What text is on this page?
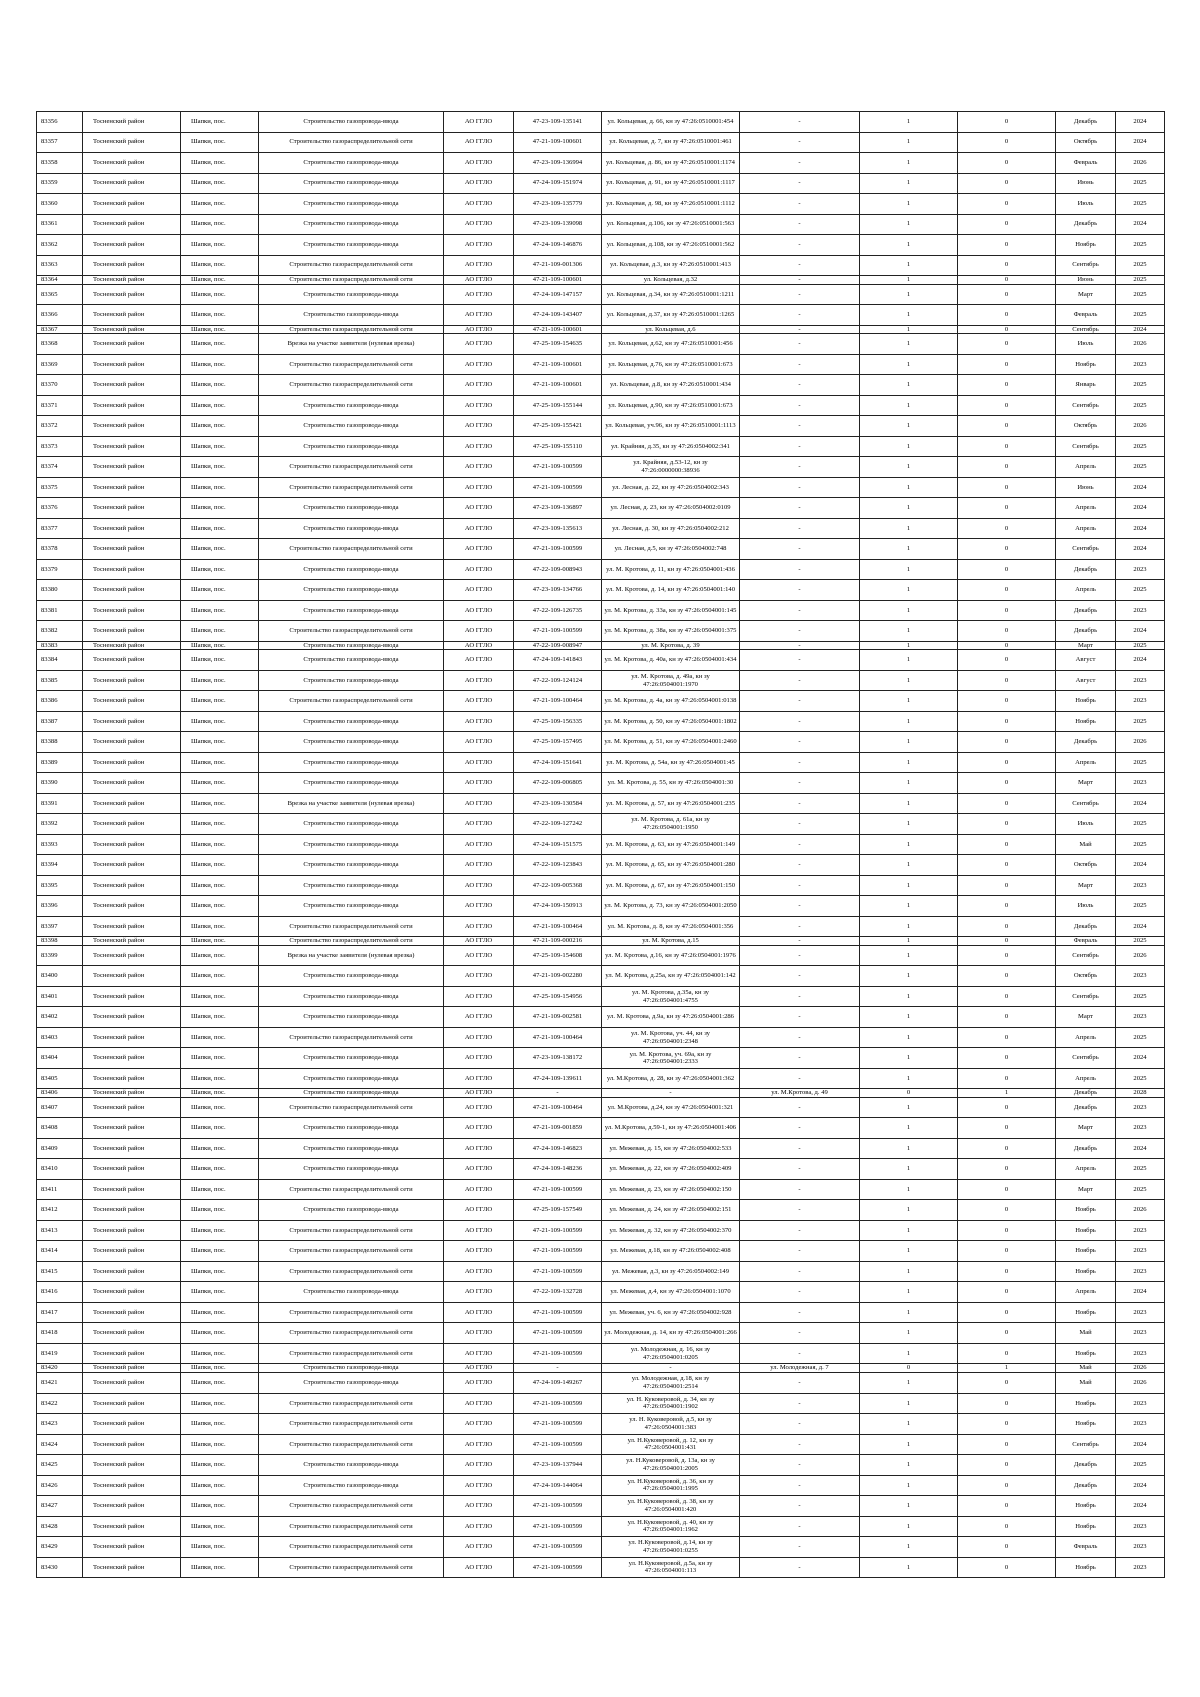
83356	Тосненский район	Шапки, пос.	Строительство газопровода-ввода	АО ГГЛО	47-23-109-135141	ул. Кольцевая, д. 66, кн зу 47:26:0510001:454	-	1	0	Декабрь	2024
83357	Тосненский район	Шапки, пос.	Строительство газораспределительной сети	АО ГГЛО	47-21-109-100601	ул. Кольцевая, д. 7, кн зу 47:26:0510001:461	-	1	0	Октябрь	2024
83358	Тосненский район	Шапки, пос.	Строительство газопровода-ввода	АО ГГЛО	47-23-109-136994	ул. Кольцевая, д. 86, кн зу 47:26:0510001:1174	-	1	0	Февраль	2026
83359	Тосненский район	Шапки, пос.	Строительство газопровода-ввода	АО ГГЛО	47-24-109-151974	ул. Кольцевая, д. 91, кн зу 47:26:0510001:1117	-	1	0	Июнь	2025
83360	Тосненский район	Шапки, пос.	Строительство газопровода-ввода	АО ГГЛО	47-23-109-135779	ул. Кольцевая, д. 98, кн зу 47:26:0510001:1112	-	1	0	Июль	2025
83361	Тосненский район	Шапки, пос.	Строительство газопровода-ввода	АО ГГЛО	47-23-109-139098	ул. Кольцевая, д.106, кн зу 47:26:0510001:563	-	1	0	Декабрь	2024
83362	Тосненский район	Шапки, пос.	Строительство газопровода-ввода	АО ГГЛО	47-24-109-146876	ул. Кольцевая, д.108, кн зу 47:26:0510001:562	-	1	0	Ноябрь	2025
83363	Тосненский район	Шапки, пос.	Строительство газораспределительной сети	АО ГГЛО	47-21-109-001306	ул. Кольцевая, д.3, кн зу 47:26:0510001:413	-	1	0	Сентябрь	2025
83364	Тосненский район	Шапки, пос.	Строительство газораспределительной сети	АО ГГЛО	47-21-109-100601	ул. Кольцевая, д.32	-	1	0	Июнь	2025
83365	Тосненский район	Шапки, пос.	Строительство газопровода-ввода	АО ГГЛО	47-24-109-147157	ул. Кольцевая, д.34, кн зу 47:26:0510001:1211	-	1	0	Март	2025
83366	Тосненский район	Шапки, пос.	Строительство газопровода-ввода	АО ГГЛО	47-24-109-143407	ул. Кольцевая, д.37, кн зу 47:26:0510001:1265	-	1	0	Февраль	2025
83367	Тосненский район	Шапки, пос.	Строительство газораспределительной сети	АО ГГЛО	47-21-109-100601	ул. Кольцевая, д.6	-	1	0	Сентябрь	2024
83368	Тосненский район	Шапки, пос.	Врезка на участке заявителя (нулевая врезка)	АО ГГЛО	47-25-109-154635	ул. Кольцевая, д.62, кн зу 47:26:0510001:456	-	1	0	Июль	2026
83369	Тосненский район	Шапки, пос.	Строительство газораспределительной сети	АО ГГЛО	47-21-109-100601	ул. Кольцевая, д.76, кн зу 47:26:0510001:673	-	1	0	Ноябрь	2023
83370	Тосненский район	Шапки, пос.	Строительство газораспределительной сети	АО ГГЛО	47-21-109-100601	ул. Кольцевая, д.8, кн зу 47:26:0510001:434	-	1	0	Январь	2025
83371	Тосненский район	Шапки, пос.	Строительство газопровода-ввода	АО ГГЛО	47-25-109-155144	ул. Кольцевая, д.90, кн зу 47:26:0510001:673	-	1	0	Сентябрь	2025
83372	Тосненский район	Шапки, пос.	Строительство газопровода-ввода	АО ГГЛО	47-25-109-155421	ул. Кольцевая, уч.96, кн зу 47:26:0510001:1113	-	1	0	Октябрь	2026
83373	Тосненский район	Шапки, пос.	Строительство газопровода-ввода	АО ГГЛО	47-25-109-155110	ул. Крайняя, д.35, кн зу 47:26:0504002:341	-	1	0	Сентябрь	2025
83374	Тосненский район	Шапки, пос.	Строительство газораспределительной сети	АО ГГЛО	47-21-109-100599	ул. Крайняя, д.53-12, кн зу 47:26:0000000:38936	-	1	0	Апрель	2025
83375	Тосненский район	Шапки, пос.	Строительство газораспределительной сети	АО ГГЛО	47-21-109-100599	ул. Лесная, д. 22, кн зу 47:26:0504002:343	-	1	0	Июнь	2024
83376	Тосненский район	Шапки, пос.	Строительство газопровода-ввода	АО ГГЛО	47-23-109-136897	ул. Лесная, д. 23, кн зу 47:26:0504002:0109	-	1	0	Апрель	2024
83377	Тосненский район	Шапки, пос.	Строительство газопровода-ввода	АО ГГЛО	47-23-109-135613	ул. Лесная, д. 30, кн зу 47:26:0504002:212	-	1	0	Апрель	2024
83378	Тосненский район	Шапки, пос.	Строительство газораспределительной сети	АО ГГЛО	47-21-109-100599	ул. Лесная, д.5, кн зу 47:26:0504002:748	-	1	0	Сентябрь	2024
83379	Тосненский район	Шапки, пос.	Строительство газопровода-ввода	АО ГГЛО	47-22-109-008943	ул. М. Кротова, д. 11, кн зу 47:26:0504001:436	-	1	0	Декабрь	2023
83380	Тосненский район	Шапки, пос.	Строительство газопровода-ввода	АО ГГЛО	47-23-109-134766	ул. М. Кротова, д. 14, кн зу 47:26:0504001:140	-	1	0	Апрель	2025
83381	Тосненский район	Шапки, пос.	Строительство газопровода-ввода	АО ГГЛО	47-22-109-126735	ул. М. Кротова, д. 33а, кн зу 47:26:0504001:145	-	1	0	Декабрь	2023
83382	Тосненский район	Шапки, пос.	Строительство газораспределительной сети	АО ГГЛО	47-21-109-100599	ул. М. Кротова, д. 38а, кн зу 47:26:0504001:375	-	1	0	Декабрь	2024
83383	Тосненский район	Шапки, пос.	Строительство газопровода-ввода	АО ГГЛО	47-22-109-008947	ул. М. Кротова, д. 39	-	1	0	Март	2025
83384	Тосненский район	Шапки, пос.	Строительство газопровода-ввода	АО ГГЛО	47-24-109-141843	ул. М. Кротова, д. 40а, кн зу 47:26:0504001:434	-	1	0	Август	2024
83385	Тосненский район	Шапки, пос.	Строительство газопровода-ввода	АО ГГЛО	47-22-109-124124	ул. М. Кротова, д. 49а, кн зу 47:26:0504001:1970	-	1	0	Август	2023
83386	Тосненский район	Шапки, пос.	Строительство газораспределительной сети	АО ГГЛО	47-21-109-100464	ул. М. Кротова, д. 4а, кн зу 47:26:0504001:0138	-	1	0	Ноябрь	2023
83387	Тосненский район	Шапки, пос.	Строительство газопровода-ввода	АО ГГЛО	47-25-109-156335	ул. М. Кротова, д. 50, кн зу 47:26:0504001:1802	-	1	0	Ноябрь	2025
83388	Тосненский район	Шапки, пос.	Строительство газопровода-ввода	АО ГГЛО	47-25-109-157495	ул. М. Кротова, д. 51, кн зу 47:26:0504001:2460	-	1	0	Декабрь	2026
83389	Тосненский район	Шапки, пос.	Строительство газопровода-ввода	АО ГГЛО	47-24-109-151641	ул. М. Кротова, д. 54а, кн зу 47:26:0504001:45	-	1	0	Апрель	2025
83390	Тосненский район	Шапки, пос.	Строительство газопровода-ввода	АО ГГЛО	47-22-109-006805	ул. М. Кротова, д. 55, кн зу 47:26:0504001:30	-	1	0	Март	2023
83391	Тосненский район	Шапки, пос.	Врезка на участке заявителя (нулевая врезка)	АО ГГЛО	47-23-109-130584	ул. М. Кротова, д. 57, кн зу 47:26:0504001:235	-	1	0	Сентябрь	2024
83392	Тосненский район	Шапки, пос.	Строительство газопровода-ввода	АО ГГЛО	47-22-109-127242	ул. М. Кротова, д. 61а, кн зу 47:26:0504001:1950	-	1	0	Июль	2025
83393	Тосненский район	Шапки, пос.	Строительство газопровода-ввода	АО ГГЛО	47-24-109-151575	ул. М. Кротова, д. 63, кн зу 47:26:0504001:149	-	1	0	Май	2025
83394	Тосненский район	Шапки, пос.	Строительство газопровода-ввода	АО ГГЛО	47-22-109-123843	ул. М. Кротова, д. 65, кн зу 47:26:0504001:280	-	1	0	Октябрь	2024
83395	Тосненский район	Шапки, пос.	Строительство газопровода-ввода	АО ГГЛО	47-22-109-005368	ул. М. Кротова, д. 67, кн зу 47:26:0504001:150	-	1	0	Март	2023
83396	Тосненский район	Шапки, пос.	Строительство газопровода-ввода	АО ГГЛО	47-24-109-150913	ул. М. Кротова, д. 73, кн зу 47:26:0504001:2050	-	1	0	Июль	2025
83397	Тосненский район	Шапки, пос.	Строительство газораспределительной сети	АО ГГЛО	47-21-109-100464	ул. М. Кротова, д. 8, кн зу 47:26:0504001:356	-	1	0	Декабрь	2024
83398	Тосненский район	Шапки, пос.	Строительство газораспределительной сети	АО ГГЛО	47-21-109-000216	ул. М. Кротова, д.15	-	1	0	Февраль	2025
83399	Тосненский район	Шапки, пос.	Врезка на участке заявителя (нулевая врезка)	АО ГГЛО	47-25-109-154608	ул. М. Кротова, д.16, кн зу 47:26:0504001:1976	-	1	0	Сентябрь	2026
83400	Тосненский район	Шапки, пос.	Строительство газопровода-ввода	АО ГГЛО	47-21-109-002280	ул. М. Кротова, д.25а, кн зу 47:26:0504001:142	-	1	0	Октябрь	2023
83401	Тосненский район	Шапки, пос.	Строительство газопровода-ввода	АО ГГЛО	47-25-109-154956	ул. М. Кротова, д.35а, кн зу 47:26:0504001:4755	-	1	0	Сентябрь	2025
83402	Тосненский район	Шапки, пос.	Строительство газопровода-ввода	АО ГГЛО	47-21-109-002581	ул. М. Кротова, д.9а, кн зу 47:26:0504001:286	-	1	0	Март	2023
83403	Тосненский район	Шапки, пос.	Строительство газораспределительной сети	АО ГГЛО	47-21-109-100464	ул. М. Кротова, уч. 44, кн зу 47:26:0504001:2348	-	1	0	Апрель	2025
83404	Тосненский район	Шапки, пос.	Строительство газопровода-ввода	АО ГГЛО	47-23-109-138172	ул. М. Кротова, уч. 69а, кн зу 47:26:0504001:2333	-	1	0	Сентябрь	2024
83405	Тосненский район	Шапки, пос.	Строительство газопровода-ввода	АО ГГЛО	47-24-109-139611	ул. М.Кротова, д. 28, кн зу 47:26:0504001:362	-	1	0	Апрель	2025
83406	Тосненский район	Шапки, пос.	Строительство газопровода-ввода	АО ГГЛО	-	-	ул. М.Кротова, д. 49	0	1	Декабрь	2028
83407	Тосненский район	Шапки, пос.	Строительство газораспределительной сети	АО ГГЛО	47-21-109-100464	ул. М.Кротова, д.24, кн зу 47:26:0504001:321	-	1	0	Декабрь	2023
83408	Тосненский район	Шапки, пос.	Строительство газопровода-ввода	АО ГГЛО	47-21-109-001859	ул. М.Кротова, д.59-1, кн зу 47:26:0504001:406	-	1	0	Март	2023
83409	Тосненский район	Шапки, пос.	Строительство газопровода-ввода	АО ГГЛО	47-24-109-146823	ул. Межевая, д. 15, кн зу 47:26:0504002:533	-	1	0	Декабрь	2024
83410	Тосненский район	Шапки, пос.	Строительство газопровода-ввода	АО ГГЛО	47-24-109-148236	ул. Межевая, д. 22, кн зу 47:26:0504002:409	-	1	0	Апрель	2025
83411	Тосненский район	Шапки, пос.	Строительство газораспределительной сети	АО ГГЛО	47-21-109-100599	ул. Межевая, д. 23, кн зу 47:26:0504002:150	-	1	0	Март	2025
83412	Тосненский район	Шапки, пос.	Строительство газопровода-ввода	АО ГГЛО	47-25-109-157549	ул. Межевая, д. 24, кн зу 47:26:0504002:151	-	1	0	Ноябрь	2026
83413	Тосненский район	Шапки, пос.	Строительство газораспределительной сети	АО ГГЛО	47-21-109-100599	ул. Межевая, д. 32, кн зу 47:26:0504002:370	-	1	0	Ноябрь	2023
83414	Тосненский район	Шапки, пос.	Строительство газораспределительной сети	АО ГГЛО	47-21-109-100599	ул. Межевая, д.18, кн зу 47:26:0504002:408	-	1	0	Ноябрь	2023
83415	Тосненский район	Шапки, пос.	Строительство газораспределительной сети	АО ГГЛО	47-21-109-100599	ул. Межевая, д.3, кн зу 47:26:0504002:149	-	1	0	Ноябрь	2023
83416	Тосненский район	Шапки, пос.	Строительство газопровода-ввода	АО ГГЛО	47-22-109-132728	ул. Межевая, д.4, кн зу 47:26:0504001:1070	-	1	0	Апрель	2024
83417	Тосненский район	Шапки, пос.	Строительство газораспределительной сети	АО ГГЛО	47-21-109-100599	ул. Межевая, уч. 6, кн зу 47:26:0504002:928	-	1	0	Ноябрь	2023
83418	Тосненский район	Шапки, пос.	Строительство газораспределительной сети	АО ГГЛО	47-21-109-100599	ул. Молодежная, д. 14, кн зу 47:26:0504001:266	-	1	0	Май	2023
83419	Тосненский район	Шапки, пос.	Строительство газораспределительной сети	АО ГГЛО	47-21-109-100599	ул. Молодежная, д. 16, кн зу 47:26:0504001:0205	-	1	0	Ноябрь	2023
83420	Тосненский район	Шапки, пос.	Строительство газопровода-ввода	АО ГГЛО	-	-	ул. Молодежная, д. 7	0	1	Май	2026
83421	Тосненский район	Шапки, пос.	Строительство газопровода-ввода	АО ГГЛО	47-24-109-149267	ул. Молодежная, д.18, кн зу 47:26:0504001:2514	-	1	0	Май	2026
83422	Тосненский район	Шапки, пос.	Строительство газораспределительной сети	АО ГГЛО	47-21-109-100599	ул. Н. Куковеровой, д. 34, кн зу 47:26:0504001:1902	-	1	0	Ноябрь	2023
83423	Тосненский район	Шапки, пос.	Строительство газораспределительной сети	АО ГГЛО	47-21-109-100599	ул. Н. Куковеровой, д.5, кн зу 47:26:0504001:383	-	1	0	Ноябрь	2023
83424	Тосненский район	Шапки, пос.	Строительство газораспределительной сети	АО ГГЛО	47-21-109-100599	ул. Н.Куковеровой, д. 12, кн зу 47:26:0504001:431	-	1	0	Сентябрь	2024
83425	Тосненский район	Шапки, пос.	Строительство газопровода-ввода	АО ГГЛО	47-23-109-137944	ул. Н.Куковеровой, д. 13а, кн зу 47:26:0504001:2005	-	1	0	Декабрь	2025
83426	Тосненский район	Шапки, пос.	Строительство газопровода-ввода	АО ГГЛО	47-24-109-144064	ул. Н.Куковеровой, д. 36, кн зу 47:26:0504001:1995	-	1	0	Декабрь	2024
83427	Тосненский район	Шапки, пос.	Строительство газораспределительной сети	АО ГГЛО	47-21-109-100599	ул. Н.Куковеровой, д. 38, кн зу 47:26:0504001:420	-	1	0	Ноябрь	2024
83428	Тосненский район	Шапки, пос.	Строительство газораспределительной сети	АО ГГЛО	47-21-109-100599	ул. Н.Куковеровой, д. 40, кн зу 47:26:0504001:1962	-	1	0	Ноябрь	2023
83429	Тосненский район	Шапки, пос.	Строительство газораспределительной сети	АО ГГЛО	47-21-109-100599	ул. Н.Куковеровой, д.14, кн зу 47:26:0504001:0255	-	1	0	Февраль	2023
83430	Тосненский район	Шапки, пос.	Строительство газораспределительной сети	АО ГГЛО	47-21-109-100599	ул. Н.Куковеровой, д.5а, кн зу 47:26:0504001:113	-	1	0	Ноябрь	2023
